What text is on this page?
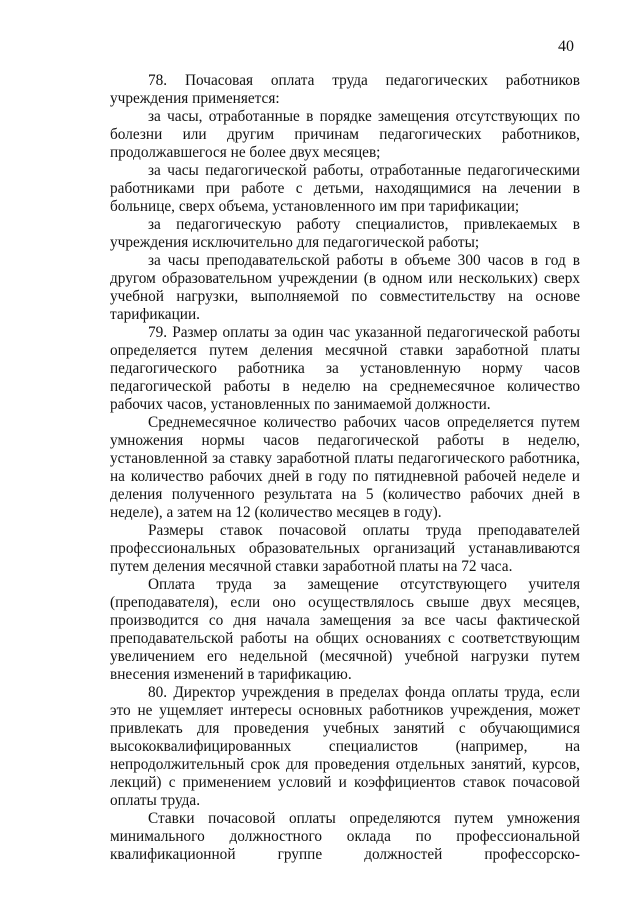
40

78. Почасовая оплата труда педагогических работников учреждения применяется:

за часы, отработанные в порядке замещения отсутствующих по болезни или другим причинам педагогических работников, продолжавшегося не более двух месяцев;

за часы педагогической работы, отработанные педагогическими работниками при работе с детьми, находящимися на лечении в больнице, сверх объема, установленного им при тарификации;

за педагогическую работу специалистов, привлекаемых в учреждения исключительно для педагогической работы;

за часы преподавательской работы в объеме 300 часов в год в другом образовательном учреждении (в одном или нескольких) сверх учебной нагрузки, выполняемой по совместительству на основе тарификации.

79. Размер оплаты за один час указанной педагогической работы определяется путем деления месячной ставки заработной платы педагогического работника за установленную норму часов педагогической работы в неделю на среднемесячное количество рабочих часов, установленных по занимаемой должности.

Среднемесячное количество рабочих часов определяется путем умножения нормы часов педагогической работы в неделю, установленной за ставку заработной платы педагогического работника, на количество рабочих дней в году по пятидневной рабочей неделе и деления полученного результата на 5 (количество рабочих дней в неделе), а затем на 12 (количество месяцев в году).

Размеры ставок почасовой оплаты труда преподавателей профессиональных образовательных организаций устанавливаются путем деления месячной ставки заработной платы на 72 часа.

Оплата труда за замещение отсутствующего учителя (преподавателя), если оно осуществлялось свыше двух месяцев, производится со дня начала замещения за все часы фактической преподавательской работы на общих основаниях с соответствующим увеличением его недельной (месячной) учебной нагрузки путем внесения изменений в тарификацию.

80. Директор учреждения в пределах фонда оплаты труда, если это не ущемляет интересы основных работников учреждения, может привлекать для проведения учебных занятий с обучающимися высококвалифицированных специалистов (например, на непродолжительный срок для проведения отдельных занятий, курсов, лекций) с применением условий и коэффициентов ставок почасовой оплаты труда.

Ставки почасовой оплаты определяются путем умножения минимального должностного оклада по профессиональной квалификационной группе должностей профессорско-
